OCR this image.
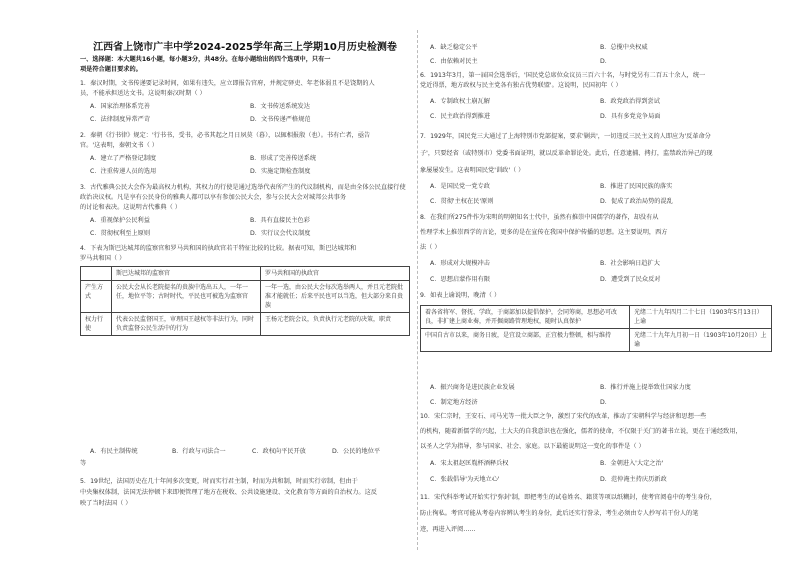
江西省上饶市广丰中学2024-2025学年高三上学期10月历史检测卷
一、选择题：本大题共16小题，每小题3分，共48分。在每小题给出的四个选项中，只有一
项是符合题目要求的。
1．秦汉时期，文书传递要记录时间，如果有违失，应立即报告官府，并规定驿吏、年老体弱且不是饶期的人
员，不能承担送达文书。这说明秦汉时期（ ）
A．国家治理体系完善	B．文书传送系统发达
C．法律制度异常严苛	D．文书传递严格规范
2．秦朝《行书律》规定：'行书书，受书，必书其起之月日夙莫（暮），以辄相报殷（也）。书有亡者，亟告
官。'这表明，秦朝文书（ ）
A．建立了严格登记制度	B．形成了完善传送系统
C．注重传递人员的选用	D．实施定期检查制度
3．古代雅典公民大会作为最高权力机构，其权力的行使是通过选举代表所产生的代议制机构，而是由全体公民直接行使
政治决议权。凡是享有公民身份的雅典人都可以享有参加公民大会，参与公民大会对城邦公共事务
的讨论和表决。这说明古代雅典（ ）
A．重视保护公民利益	B．具有直接民主色彩
C．贯彻权利至上原则	D．实行议会代议制度
4．下表为斯巴达城邦的监察官和罗马共和国的执政官若干特征比较的比较。据表可知，斯巴达城邦和
罗马共和国（ ）
	斯巴达城邦的监察官	罗马共和国的执政官
产生方式	公民大会从长老院提名的贵族中选出五人，一年一任，地位平等；古时时代，平民也可被选为监察官	一年一选，由公民大会每次选举两人，并且元老院批准才能就任；后来平民也可以当选，但大部分来自贵族
权力行使	代表公民监督国王，审理国王越权等非法行为，同时负责监督公民生活中的行为	王杨元老院会议，负责执行元老院的决策，职责
A．有民主制传统	B．行政与司法合一	C．政权向平民开放	D．公民的地位平
等
5．19世纪，法国历史在几十年间多次变更，时而实行君主制，时而为共和制，时而实行帝制，但由于
中央集权体制，法国无法停顿下来即便管理了地方在税收、公共设施建设、文化教育等方面的自治权力。这反
映了当时法国（ ）
A．缺乏稳定公平	B．总揽中央权威
C．由依赖对民主	D．
6．1913年3月，第一届国会选举后，'国民党总席位众议员三百六十名，与时党另有二百五十余人，统一
党近得票，地方政权与民主党各有独占优势联盟'。这说明，民国初年（ ）
A．专制政权土崩瓦解	B．政党政治得到尝试
C．民主政治得到推进	D．具有多党竞争局面
7．1929年，国民党三大通过了上海特别市党部提案，要求'剿共'，一切违反三民主义的人即应为'反革命分
子'，只要经省（或特别市）党委书面证明，就以反革命罪论处。此后，任意逮捕、拷打，监禁政治异己的现
象屡屡发生。这表明国民党'训政'（ ）
A．是国民党一党专政	B．推进了民国民族的落实
C．贯彻'主权在民'原则	D．促成了政治局势的混乱
8．在我们所275件作为宋明的明朝知名士代中，虽然有推崇中国儒学的著作，却没有从
性理学术上推崇西学的言论，更多的是在宣传在我国中保护传播的思想。这主要说明，西方
法（ ）
A．形成对大规模冲击	B．社会影响日趋扩大
C．思想启蒙作用有限	D．遭受到了民众反对
9．如表上谕说明，晚清（ ）
着各省将军、督抚、学政，于商部加以提倡保护，会同筹商，思想必可改良，非扩建上商业奏，并开掘商路管理地权，随时认真保护	光绪二十九年四月二十七日（1903年5月13日）上谕
中国自古市以来，商务日疲，是宜设立商部，正宜极力整顿，相与维持	光绪二十九年九月初一日（1903年10月20日）上谕
A．振兴商务是进民族企业发展	B．推行并施上提举致仕国家力度
C．制定地方经济	D．
10．宋仁宗时，王安石、司马光等一批大臣之争，激烈了宋代的改革，推动了宋朝科学与经济和思想一些
的机构，随着新儒学的兴起，土大夫的自我意识也在强化，儒者的使命，不仅限于关门的著书立说，更在于通经致用，
以圣人之学为指导，参与国家、社会、家庭。以下最能说明这一变化的事件是（ ）
A．宋太祖赵匡胤杯酒释兵权	B．金朝进入'大定之治'
C．张载倡导'为天地立心'	D．范仲淹主持庆历新政
11．宋代科举考试开始实行'弥封'制，即把考生的试卷姓名、籍贯等项以纸糊封，使考官阅卷中的考生身份，
防止徇私。考官可能从考卷内容辨认考生的身份，此后还实行誊录，考生必须由专人抄写若干份人的笔
迹，再进入评阅……
